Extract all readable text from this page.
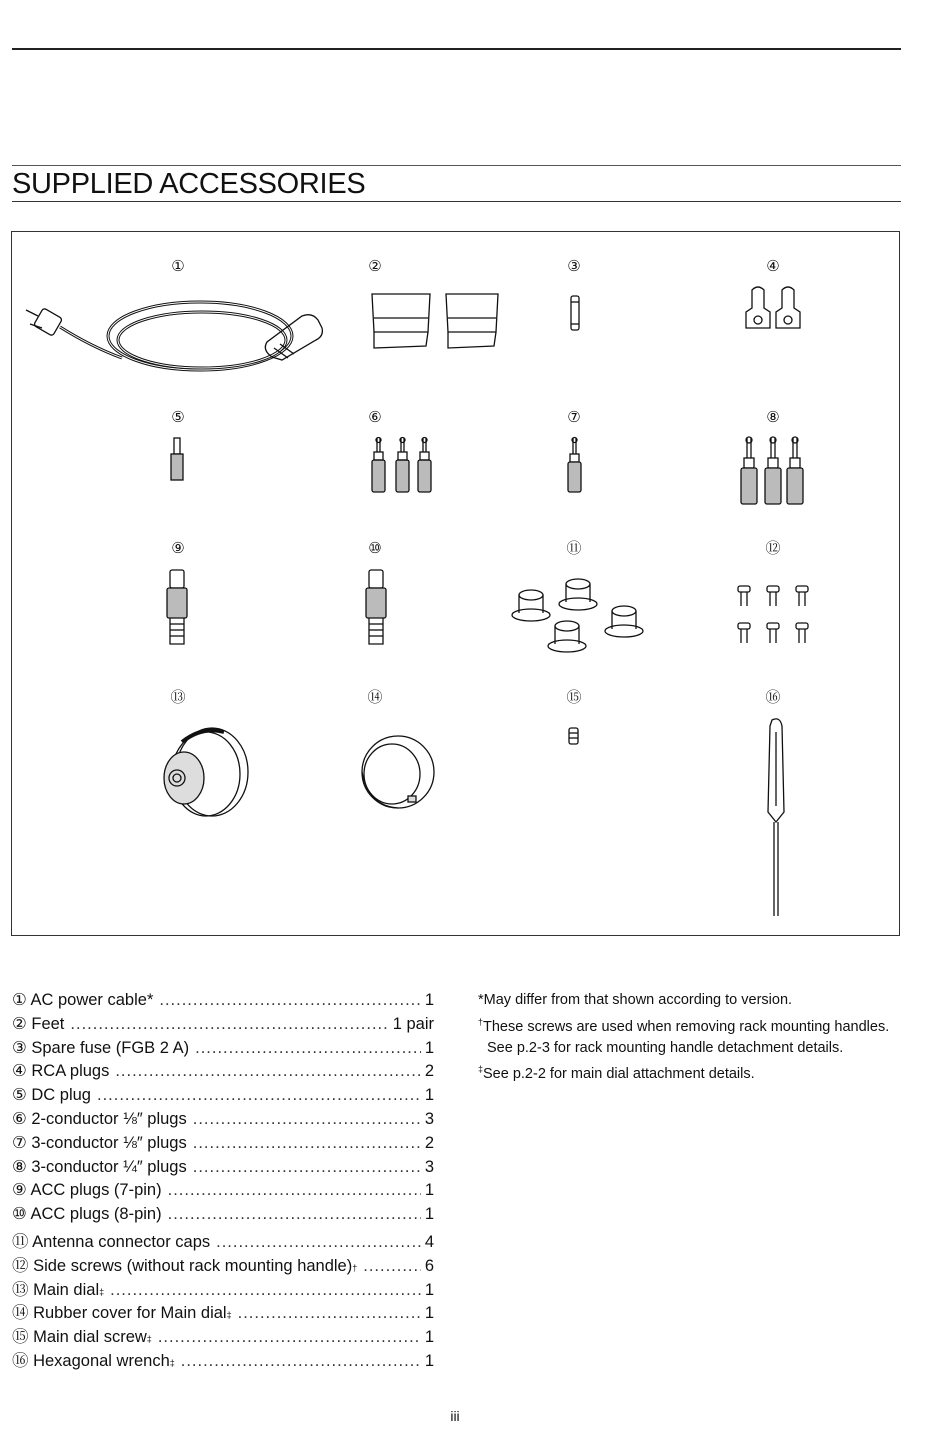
SUPPLIED ACCESSORIES
①	②	③	④
⑤	⑥	⑦	⑧
⑨	⑩	⑪	⑫
⑬	⑭	⑮	⑯
① AC power cable* .....	1
② Feet .....	1 pair
③ Spare fuse (FGB 2 A) .....	1
④ RCA plugs .....	2
⑤ DC plug .....	1
⑥ 2-conductor ⅛″ plugs .....	3
⑦ 3-conductor ⅛″ plugs .....	2
⑧ 3-conductor ¼″ plugs .....	3
⑨ ACC plugs (7-pin) .....	1
⑩ ACC plugs (8-pin) .....	1
⑪ Antenna connector caps .....	4
⑫ Side screws (without rack mounting $handle)_\dagger$ .....	6
⑬ Main dial$_\ddagger$ .....	1
⑭ Rubber cover for Main dial$_\ddagger$ .....	1
⑮ Main dial screw$_\ddagger$ .....	1
⑯ Hexagonal wrench$_\ddagger$ .....	1

*May differ from that shown according to version.

†These screws are used when removing rack mounting handles. See p.2-3 for rack mounting handle detachment details.

‡See p.2-2 for main dial attachment details.

iii
